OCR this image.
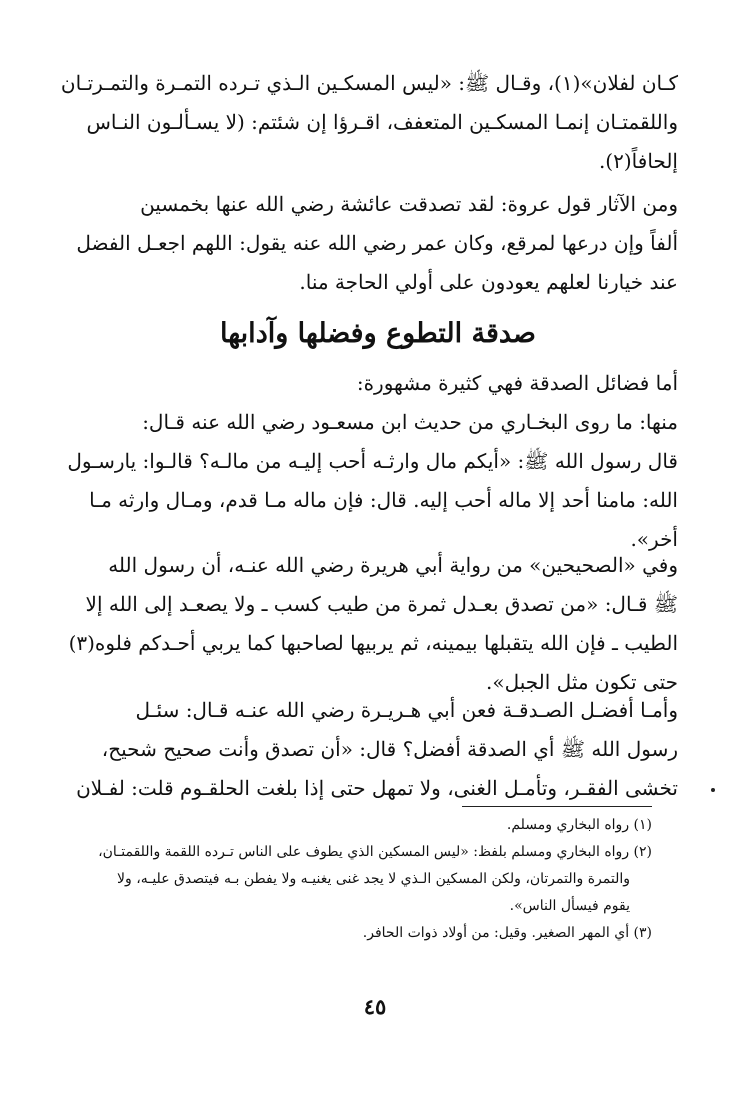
كـان لفلان»(١)، وقـال ﷺ: «ليس المسكـين الـذي تـرده التمـرة والتمـرتـان
واللقمتـان إنمـا المسكـين المتعفف، اقـرؤا إن شئتم: (لا يسـألـون النـاس
إلحافاً(٢).
ومن الآثار قول عروة: لقد تصدقت عائشة رضي الله عنها بخمسين
ألفاً وإن درعها لمرقع، وكان عمر رضي الله عنه يقول: اللهم اجعـل الفضل
عند خيارنا لعلهم يعودون على أولي الحاجة منا.
صدقة التطوع وفضلها وآدابها
أما فضائل الصدقة فهي كثيرة مشهورة:
منها: ما روى البخـاري من حديث ابن مسعـود رضي الله عنه قـال:
قال رسول الله ﷺ: «أيكم مال وارثـه أحب إليـه من مالـه؟ قالـوا: يارسـول
الله: مامنا أحد إلا ماله أحب إليه. قال: فإن ماله مـا قدم، ومـال وارثه مـا
أخر».
وفي «الصحيحين» من رواية أبي هريرة رضي الله عنـه، أن رسول الله
ﷺ قـال: «من تصدق بعـدل ثمرة من طيب كسب ـ ولا يصعـد إلى الله إلا
الطيب ـ فإن الله يتقبلها بيمينه، ثم يربيها لصاحبها كما يربي أحـدكم فلوه(٣)
حتى تكون مثل الجبل».
وأمـا أفضـل الصـدقـة فعن أبي هـريـرة رضي الله عنـه قـال: سئـل
رسول الله ﷺ أي الصدقة أفضل؟ قال: «أن تصدق وأنت صحيح شحيح،
تخشى الفقـر، وتأمـل الغنى، ولا تمهل حتى إذا بلغت الحلقـوم قلت: لفـلان
(١) رواه البخاري ومسلم.
(٢) رواه البخاري ومسلم بلفظ: «ليس المسكين الذي يطوف على الناس تـرده اللقمة واللقمتـان،
والتمرة والتمرتان، ولكن المسكين الـذي لا يجد غنى يغنيـه ولا يفطن بـه فيتصدق عليـه، ولا
يقوم فيسأل الناس».
(٣) أي المهر الصغير. وقيل: من أولاد ذوات الحافر.
٤٥
